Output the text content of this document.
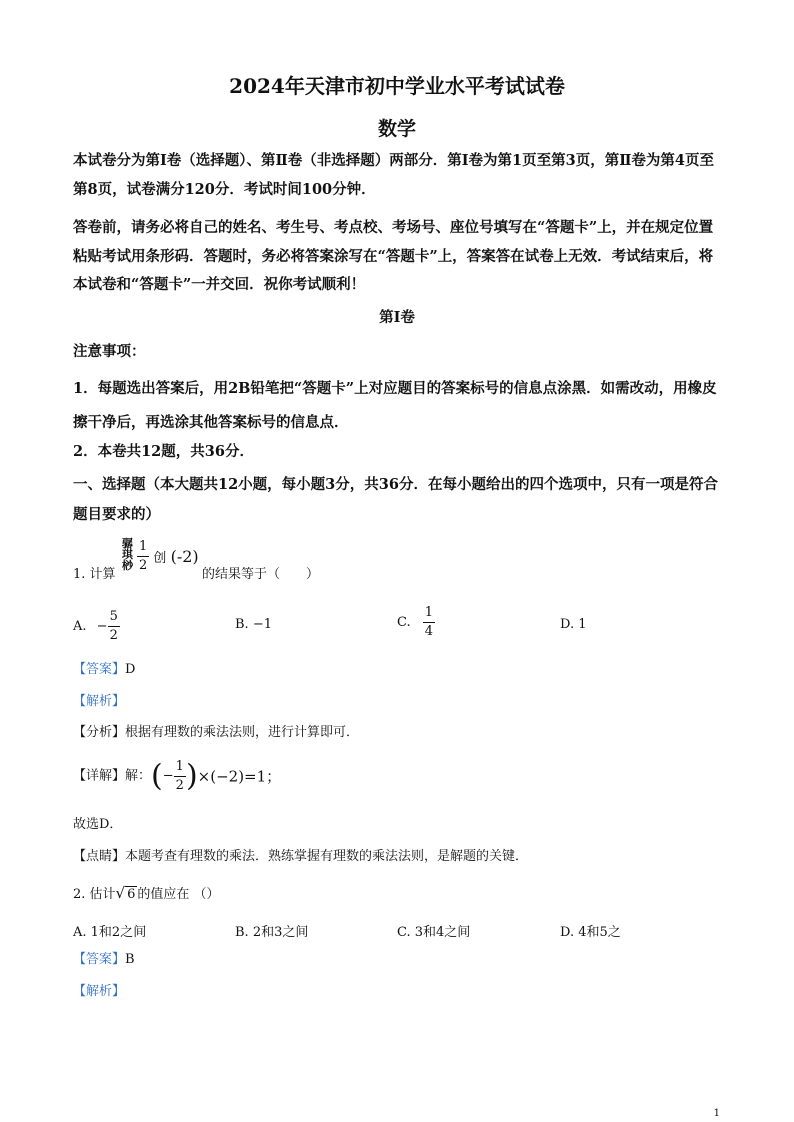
2024年天津市初中学业水平考试试卷
数学
本试卷分为第Ⅰ卷（选择题）、第Ⅱ卷（非选择题）两部分．第Ⅰ卷为第1页至第3页，第Ⅱ卷为第4页至第8页，试卷满分120分．考试时间100分钟．
答卷前，请务必将自己的姓名、考生号、考点校、考场号、座位号填写在“答题卡”上，并在规定位置粘贴考试用条形码．答题时，务必将答案涂写在“答题卡”上，答案答在试卷上无效．考试结束后，将本试卷和“答题卡”一并交回．祝你考试顺利！
第Ⅰ卷
注意事项：
1．每题选出答案后，用2B铅笔把“答题卡”上对应题目的答案标号的信息点涂黑．如需改动，用橡皮擦干净后，再选涂其他答案标号的信息点．
2．本卷共12题，共36分．
一、选择题（本大题共12小题，每小题3分，共36分．在每小题给出的四个选项中，只有一项是符合题目要求的）
1. 计算
骣琪桫 $\frac{1}{2}$ 创 (-2)
的结果等于（　　）
A. − $\frac{5}{2}$	B. −1	C. $\frac{1}{4}$	D. 1
【答案】D
【解析】
【分析】根据有理数的乘法法则，进行计算即可．
【详解】解：(− $\frac{1}{2} )\times(-2)=1$；
故选D．
【点睛】本题考查有理数的乘法．熟练掌握有理数的乘法法则，是解题的关键．
2. 估计√ 6 的值应在 （）
A. 1和2之间	B. 2和3之间	C. 3和4之间	D. 4和5之
【答案】B
【解析】
1
